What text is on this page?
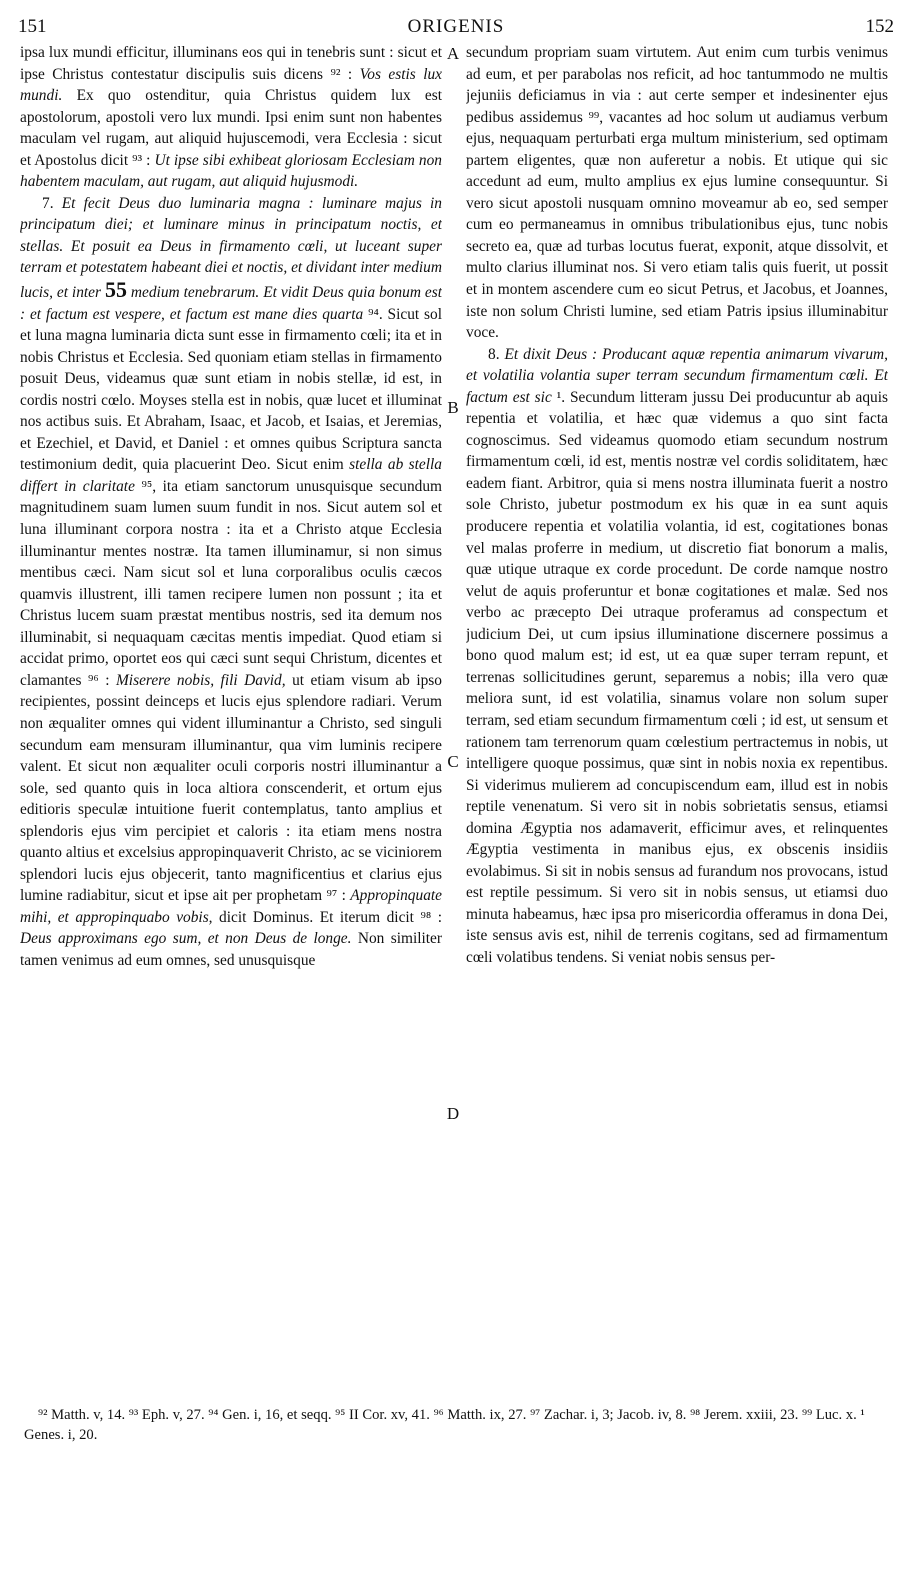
151	ORIGENIS	152

ipsa lux mundi efficitur, illuminans eos qui in tenebris sunt : sicut et ipse Christus contestatur discipulis suis dicens ⁹² : Vos estis lux mundi. Ex quo ostenditur, quia Christus quidem lux est apostolorum, apostoli vero lux mundi. Ipsi enim sunt non habentes maculam vel rugam, aut aliquid hujuscemodi, vera Ecclesia : sicut et Apostolus dicit ⁹³ : Ut ipse sibi exhibeat gloriosam Ecclesiam non habentem maculam, aut rugam, aut aliquid hujusmodi.

7. Et fecit Deus duo luminaria magna : luminare majus in principatum diei; et luminare minus in principatum noctis, et stellas. Et posuit ea Deus in firmamento cœli, ut luceant super terram et potestatem habeant diei et noctis, et dividant inter medium lucis, et inter 55 medium tenebrarum. Et vidit Deus quia bonum est : et factum est vespere, et factum est mane dies quarta ⁹⁴. Sicut sol et luna magna luminaria dicta sunt esse in firmamento cœli; ita et in nobis Christus et Ecclesia. Sed quoniam etiam stellas in firmamento posuit Deus, videamus quæ sunt etiam in nobis stellæ, id est, in cordis nostri cœlo. Moyses stella est in nobis, quæ lucet et illuminat nos actibus suis. Et Abraham, Isaac, et Jacob, et Isaias, et Jeremias, et Ezechiel, et David, et Daniel : et omnes quibus Scriptura sancta testimonium dedit, quia placuerint Deo. Sicut enim stella ab stella differt in claritate ⁹⁵, ita etiam sanctorum unusquisque secundum magnitudinem suam lumen suum fundit in nos. Sicut autem sol et luna illuminant corpora nostra : ita et a Christo atque Ecclesia illuminantur mentes nostræ. Ita tamen illuminamur, si non simus mentibus cæci. Nam sicut sol et luna corporalibus oculis cæcos quamvis illustrent, illi tamen recipere lumen non possunt ; ita et Christus lucem suam præstat mentibus nostris, sed ita demum nos illuminabit, si nequaquam cæcitas mentis impediat. Quod etiam si accidat primo, oportet eos qui cæci sunt sequi Christum, dicentes et clamantes ⁹⁶ : Miserere nobis, fili David, ut etiam visum ab ipso recipientes, possint deinceps et lucis ejus splendore radiari. Verum non æqualiter omnes qui vident illuminantur a Christo, sed singuli secundum eam mensuram illuminantur, qua vim luminis recipere valent. Et sicut non æqualiter oculi corporis nostri illuminantur a sole, sed quanto quis in loca altiora conscenderit, et ortum ejus editioris speculæ intuitione fuerit contemplatus, tanto amplius et splendoris ejus vim percipiet et caloris : ita etiam mens nostra quanto altius et excelsius appropinquaverit Christo, ac se viciniorem splendori lucis ejus objecerit, tanto magnificentius et clarius ejus lumine radiabitur, sicut et ipse ait per prophetam ⁹⁷ : Appropinquate mihi, et appropinquabo vobis, dicit Dominus. Et iterum dicit ⁹⁸ : Deus approximans ego sum, et non Deus de longe. Non similiter tamen venimus ad eum omnes, sed unusquisque

A
B
C
D

secundum propriam suam virtutem. Aut enim cum turbis venimus ad eum, et per parabolas nos reficit, ad hoc tantummodo ne multis jejuniis deficiamus in via : aut certe semper et indesinenter ejus pedibus assidemus ⁹⁹, vacantes ad hoc solum ut audiamus verbum ejus, nequaquam perturbati erga multum ministerium, sed optimam partem eligentes, quæ non auferetur a nobis. Et utique qui sic accedunt ad eum, multo amplius ex ejus lumine consequuntur. Si vero sicut apostoli nusquam omnino moveamur ab eo, sed semper cum eo permaneamus in omnibus tribulationibus ejus, tunc nobis secreto ea, quæ ad turbas locutus fuerat, exponit, atque dissolvit, et multo clarius illuminat nos. Si vero etiam talis quis fuerit, ut possit et in montem ascendere cum eo sicut Petrus, et Jacobus, et Joannes, iste non solum Christi lumine, sed etiam Patris ipsius illuminabitur voce.

8. Et dixit Deus : Producant aquæ repentia animarum vivarum, et volatilia volantia super terram secundum firmamentum cœli. Et factum est sic ¹. Secundum litteram jussu Dei producuntur ab aquis repentia et volatilia, et hæc quæ videmus a quo sint facta cognoscimus. Sed videamus quomodo etiam secundum nostrum firmamentum cœli, id est, mentis nostræ vel cordis soliditatem, hæc eadem fiant. Arbitror, quia si mens nostra illuminata fuerit a nostro sole Christo, jubetur postmodum ex his quæ in ea sunt aquis producere repentia et volatilia volantia, id est, cogitationes bonas vel malas proferre in medium, ut discretio fiat bonorum a malis, quæ utique utraque ex corde procedunt. De corde namque nostro velut de aquis proferuntur et bonæ cogitationes et malæ. Sed nos verbo ac præcepto Dei utraque proferamus ad conspectum et judicium Dei, ut cum ipsius illuminatione discernere possimus a bono quod malum est; id est, ut ea quæ super terram repunt, et terrenas sollicitudines gerunt, separemus a nobis; illa vero quæ meliora sunt, id est volatilia, sinamus volare non solum super terram, sed etiam secundum firmamentum cœli ; id est, ut sensum et rationem tam terrenorum quam cœlestium pertractemus in nobis, ut intelligere quoque possimus, quæ sint in nobis noxia ex repentibus. Si viderimus mulierem ad concupiscendum eam, illud est in nobis reptile venenatum. Si vero sit in nobis sobrietatis sensus, etiamsi domina Ægyptia nos adamaverit, efficimur aves, et relinquentes Ægyptia vestimenta in manibus ejus, ex obscenis insidiis evolabimus. Si sit in nobis sensus ad furandum nos provocans, istud est reptile pessimum. Si vero sit in nobis sensus, ut etiamsi duo minuta habeamus, hæc ipsa pro misericordia offeramus in dona Dei, iste sensus avis est, nihil de terrenis cogitans, sed ad firmamentum cœli volatibus tendens. Si veniat nobis sensus per-

⁹² Matth. v, 14. ⁹³ Eph. v, 27. ⁹⁴ Gen. i, 16, et seqq. ⁹⁵ II Cor. xv, 41. ⁹⁶ Matth. ix, 27. ⁹⁷ Zachar. i, 3; Jacob. iv, 8. ⁹⁸ Jerem. xxiii, 23. ⁹⁹ Luc. x. ¹ Genes. i, 20.
